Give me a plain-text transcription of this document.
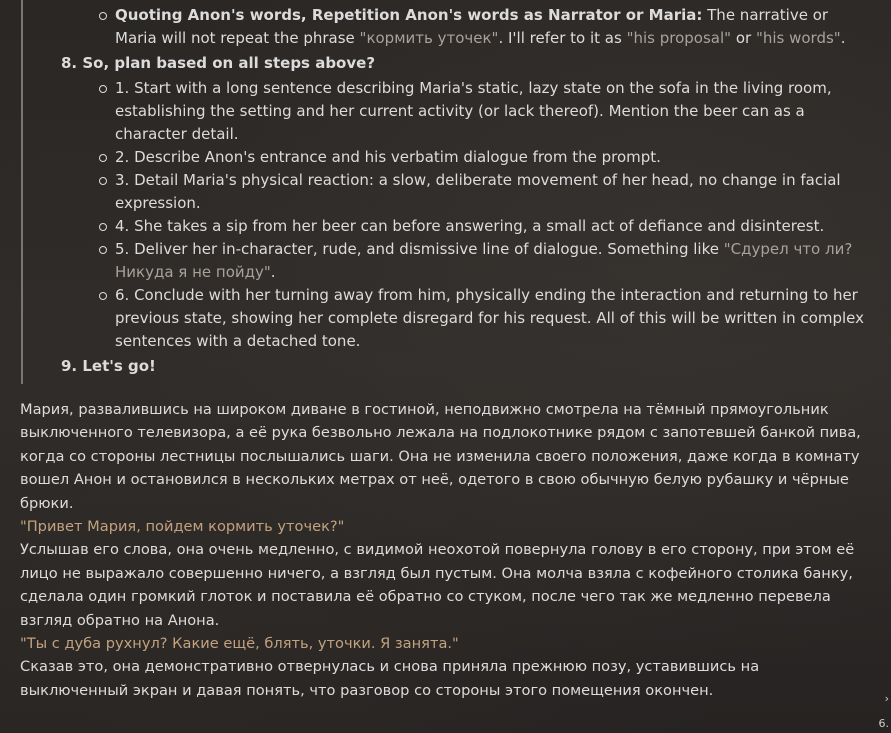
Quoting Anon's words, Repetition Anon's words as Narrator or Maria: The narrative or Maria will not repeat the phrase "кормить уточек". I'll refer to it as "his proposal" or "his words".
8. So, plan based on all steps above?
1. Start with a long sentence describing Maria's static, lazy state on the sofa in the living room, establishing the setting and her current activity (or lack thereof). Mention the beer can as a character detail.
2. Describe Anon's entrance and his verbatim dialogue from the prompt.
3. Detail Maria's physical reaction: a slow, deliberate movement of her head, no change in facial expression.
4. She takes a sip from her beer can before answering, a small act of defiance and disinterest.
5. Deliver her in-character, rude, and dismissive line of dialogue. Something like "Сдурел что ли? Никуда я не пойду".
6. Conclude with her turning away from him, physically ending the interaction and returning to her previous state, showing her complete disregard for his request. All of this will be written in complex sentences with a detached tone.
9. Let's go!

Мария, развалившись на широком диване в гостиной, неподвижно смотрела на тёмный прямоугольник выключенного телевизора, а её рука безвольно лежала на подлокотнике рядом с запотевшей банкой пива, когда со стороны лестницы послышались шаги. Она не изменила своего положения, даже когда в комнату вошел Анон и остановился в нескольких метрах от неё, одетого в свою обычную белую рубашку и чёрные брюки.

"Привет Мария, пойдем кормить уточек?"

Услышав его слова, она очень медленно, с видимой неохотой повернула голову в его сторону, при этом её лицо не выражало совершенно ничего, а взгляд был пустым. Она молча взяла с кофейного столика банку, сделала один громкий глоток и поставила её обратно со стуком, после чего так же медленно перевела взгляд обратно на Анона.

"Ты с дуба рухнул? Какие ещё, блять, уточки. Я занята."

Сказав это, она демонстративно отвернулась и снова приняла прежнюю позу, уставившись на выключенный экран и давая понять, что разговор со стороны этого помещения окончен.	›
6.
